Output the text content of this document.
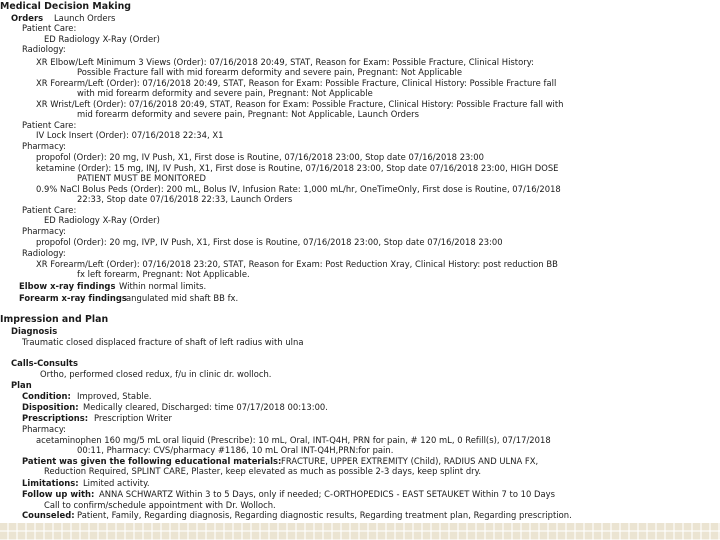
Medical Decision Making
Impression and Plan
Orders Launch Orders
Patient Care:
ED Radiology X-Ray (Order)
Radiology:
XR Elbow/Left Minimum 3 Views (Order): 07/16/2018 20:49, STAT, Reason for Exam: Possible Fracture, Clinical History:
Possible Fracture fall with mid forearm deformity and severe pain, Pregnant: Not Applicable
XR Forearm/Left (Order): 07/16/2018 20:49, STAT, Reason for Exam: Possible Fracture, Clinical History: Possible Fracture fall
with mid forearm deformity and severe pain, Pregnant: Not Applicable
XR Wrist/Left (Order): 07/16/2018 20:49, STAT, Reason for Exam: Possible Fracture, Clinical History: Possible Fracture fall with
mid forearm deformity and severe pain, Pregnant: Not Applicable, Launch Orders
Patient Care:
IV Lock Insert (Order): 07/16/2018 22:34, X1
Pharmacy:
propofol (Order): 20 mg, IV Push, X1, First dose is Routine, 07/16/2018 23:00, Stop date 07/16/2018 23:00
ketamine (Order): 15 mg, INJ, IV Push, X1, First dose is Routine, 07/16/2018 23:00, Stop date 07/16/2018 23:00, HIGH DOSE
PATIENT MUST BE MONITORED
0.9% NaCl Bolus Peds (Order): 200 mL, Bolus IV, Infusion Rate: 1,000 mL/hr, OneTimeOnly, First dose is Routine, 07/16/2018
22:33, Stop date 07/16/2018 22:33, Launch Orders
Patient Care:
ED Radiology X-Ray (Order)
Pharmacy:
propofol (Order): 20 mg, IVP, IV Push, X1, First dose is Routine, 07/16/2018 23:00, Stop date 07/16/2018 23:00
Radiology:
XR Forearm/Left (Order): 07/16/2018 23:20, STAT, Reason for Exam: Post Reduction Xray, Clinical History: post reduction BB
fx left forearm, Pregnant: Not Applicable.
Elbow x-ray findings Within normal limits.
Forearm x-ray findings angulated mid shaft BB fx.
Diagnosis
Traumatic closed displaced fracture of shaft of left radius with ulna
Calls-Consults
Ortho, performed closed redux, f/u in clinic dr. wolloch.
Plan
Condition: Improved, Stable.
Disposition: Medically cleared, Discharged: time 07/17/2018 00:13:00.
Prescriptions: Prescription Writer
Pharmacy:
acetaminophen 160 mg/5 mL oral liquid (Prescribe): 10 mL, Oral, INT-Q4H, PRN for pain, # 120 mL, 0 Refill(s), 07/17/2018
00:11, Pharmacy: CVS/pharmacy #1186, 10 mL Oral INT-Q4H,PRN:for pain.
Patient was given the following educational materials: FRACTURE, UPPER EXTREMITY (Child), RADIUS AND ULNA FX,
Reduction Required, SPLINT CARE, Plaster, keep elevated as much as possible 2-3 days, keep splint dry.
Limitations: Limited activity.
Follow up with: ANNA SCHWARTZ Within 3 to 5 Days, only if needed; C-ORTHOPEDICS - EAST SETAUKET Within 7 to 10 Days
Call to confirm/schedule appointment with Dr. Wolloch.
Counseled: Patient, Family, Regarding diagnosis, Regarding diagnostic results, Regarding treatment plan, Regarding prescription.
